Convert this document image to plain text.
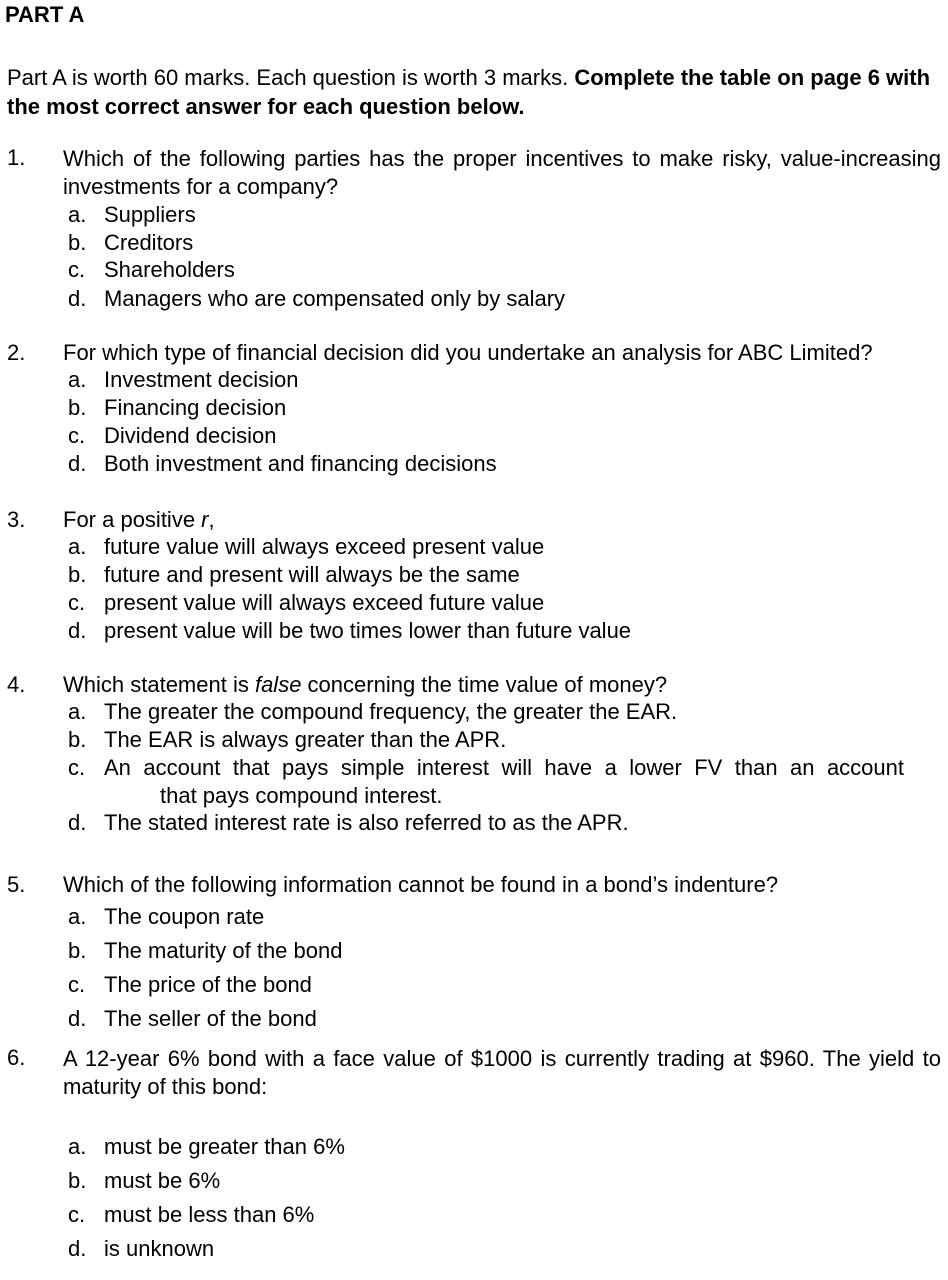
PART A
Part A is worth 60 marks. Each question is worth 3 marks. Complete the table on page 6 with the most correct answer for each question below.
1. Which of the following parties has the proper incentives to make risky, value-increasing investments for a company?
a. Suppliers
b. Creditors
c. Shareholders
d. Managers who are compensated only by salary
2. For which type of financial decision did you undertake an analysis for ABC Limited?
a. Investment decision
b. Financing decision
c. Dividend decision
d. Both investment and financing decisions
3. For a positive r,
a. future value will always exceed present value
b. future and present will always be the same
c. present value will always exceed future value
d. present value will be two times lower than future value
4. Which statement is false concerning the time value of money?
a. The greater the compound frequency, the greater the EAR.
b. The EAR is always greater than the APR.
c. An account that pays simple interest will have a lower FV than an account
that pays compound interest.
d. The stated interest rate is also referred to as the APR.
5. Which of the following information cannot be found in a bond’s indenture?
a. The coupon rate
b. The maturity of the bond
c. The price of the bond
d. The seller of the bond
6. A 12-year 6% bond with a face value of $1000 is currently trading at $960. The yield to maturity of this bond:
a. must be greater than 6%
b. must be 6%
c. must be less than 6%
d. is unknown
